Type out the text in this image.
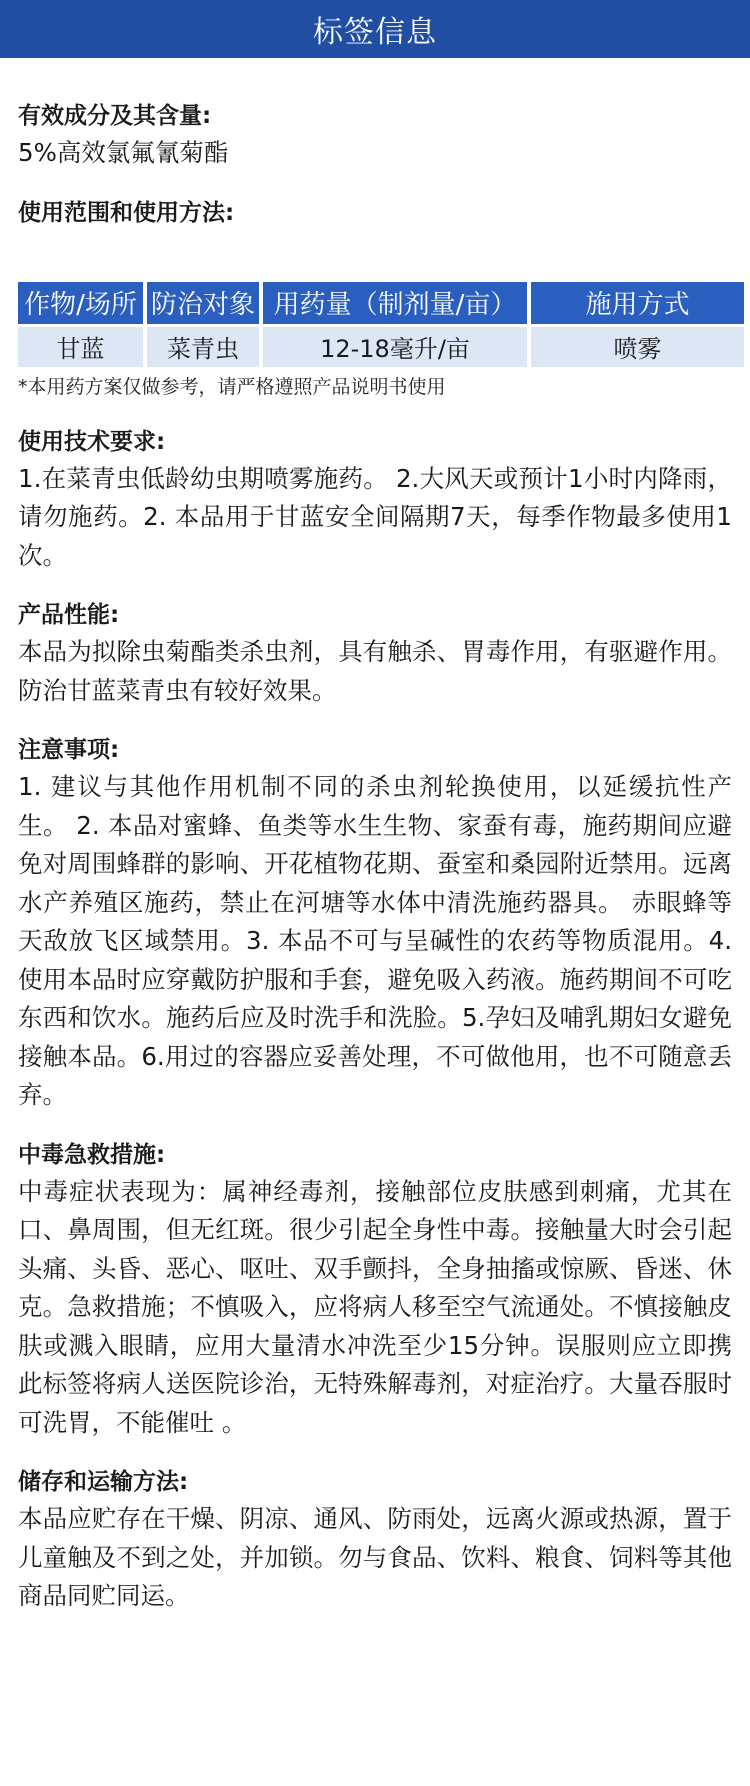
标签信息

有效成分及其含量:

5%高效氯氟氰菊酯

使用范围和使用方法:

作物/场所	防治对象	用药量（制剂量/亩）	施用方式
甘蓝	菜青虫	12-18毫升/亩	喷雾

*本用药方案仅做参考，请严格遵照产品说明书使用

使用技术要求:

1.在菜青虫低龄幼虫期喷雾施药。 2.大风天或预计1小时内降雨，请勿施药。2. 本品用于甘蓝安全间隔期7天，每季作物最多使用1次。

产品性能:

本品为拟除虫菊酯类杀虫剂，具有触杀、胃毒作用，有驱避作用。防治甘蓝菜青虫有较好效果。

注意事项:

1. 建议与其他作用机制不同的杀虫剂轮换使用，以延缓抗性产生。 2. 本品对蜜蜂、鱼类等水生生物、家蚕有毒，施药期间应避免对周围蜂群的影响、开花植物花期、蚕室和桑园附近禁用。远离水产养殖区施药，禁止在河塘等水体中清洗施药器具。 赤眼蜂等天敌放飞区域禁用。3. 本品不可与呈碱性的农药等物质混用。4. 使用本品时应穿戴防护服和手套，避免吸入药液。施药期间不可吃东西和饮水。施药后应及时洗手和洗脸。5.孕妇及哺乳期妇女避免接触本品。6.用过的容器应妥善处理，不可做他用，也不可随意丢弃。

中毒急救措施:

中毒症状表现为：属神经毒剂，接触部位皮肤感到刺痛，尤其在口、鼻周围，但无红斑。很少引起全身性中毒。接触量大时会引起头痛、头昏、恶心、呕吐、双手颤抖，全身抽搐或惊厥、昏迷、休克。急救措施；不慎吸入，应将病人移至空气流通处。不慎接触皮肤或溅入眼睛，应用大量清水冲洗至少15分钟。误服则应立即携此标签将病人送医院诊治，无特殊解毒剂，对症治疗。大量吞服时可洗胃，不能催吐 。

储存和运输方法:

本品应贮存在干燥、阴凉、通风、防雨处，远离火源或热源，置于儿童触及不到之处，并加锁。勿与食品、饮料、粮食、饲料等其他商品同贮同运。
